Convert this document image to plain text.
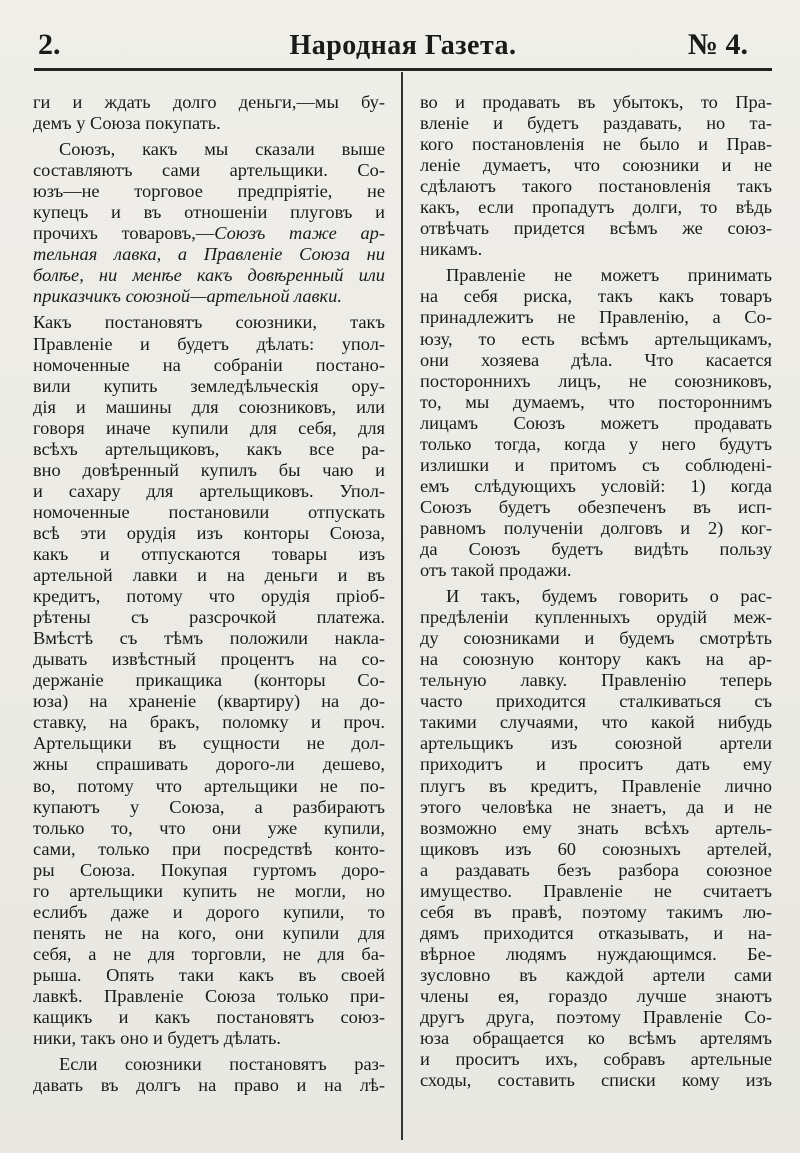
2.	Народная Газета.	№ 4.
ги и ждать долго деньги,—мы бу-
демъ у Союза покупать.
Союзъ, какъ мы сказали выше
составляютъ сами артельщики. Со-
юзъ—не торговое предпріятіе, не
купецъ и въ отношеніи плуговъ и
прочихъ товаровъ,—Союзъ таже ар-
тельная лавка, а Правленіе Союза ни
болѣе, ни менѣе какъ довѣренный или
приказчикъ союзной—артельной лавки.
Какъ постановятъ союзники, такъ
Правленіе и будетъ дѣлать: упол-
номоченные на собраніи постано-
вили купить земледѣльческія ору-
дія и машины для союзниковъ, или
говоря иначе купили для себя, для
всѣхъ артельщиковъ, какъ все ра-
вно довѣренный купилъ бы чаю и
и сахару для артельщиковъ. Упол-
номоченные постановили отпускать
всѣ эти орудія изъ конторы Союза,
какъ и отпускаются товары изъ
артельной лавки и на деньги и въ
кредитъ, потому что орудія пріоб-
рѣтены съ разсрочкой платежа.
Вмѣстѣ съ тѣмъ положили накла-
дывать извѣстный процентъ на со-
держаніе прикащика (конторы Со-
юза) на храненіе (квартиру) на до-
ставку, на бракъ, поломку и проч.
Артельщики въ сущности не дол-
жны спрашивать дорого-ли дешево,
во, потому что артельщики не по-
купаютъ у Союза, а разбираютъ
только то, что они уже купили,
сами, только при посредствѣ конто-
ры Союза. Покупая гуртомъ доро-
го артельщики купить не могли, но
еслибъ даже и дорого купили, то
пенять не на кого, они купили для
себя, а не для торговли, не для ба-
рыша. Опять таки какъ въ своей
лавкѣ. Правленіе Союза только при-
кащикъ и какъ постановятъ союз-
ники, такъ оно и будетъ дѣлать.
Если союзники постановятъ раз-
давать въ долгъ на право и на лѣ-
во и продавать въ убытокъ, то Пра-
вленіе и будетъ раздавать, но та-
кого постановленія не было и Прав-
леніе думаетъ, что союзники и не
сдѣлаютъ такого постановленія такъ
какъ, если пропадутъ долги, то вѣдь
отвѣчать придется всѣмъ же союз-
никамъ.
Правленіе не можетъ принимать
на себя риска, такъ какъ товаръ
принадлежитъ не Правленію, а Со-
юзу, то есть всѣмъ артельщикамъ,
они хозяева дѣла. Что касается
постороннихъ лицъ, не союзниковъ,
то, мы думаемъ, что постороннимъ
лицамъ Союзъ можетъ продавать
только тогда, когда у него будутъ
излишки и притомъ съ соблюдені-
емъ слѣдующихъ условій: 1) когда
Союзъ будетъ обезпеченъ въ исп-
равномъ полученіи долговъ и 2) ког-
да Союзъ будетъ видѣть пользу
отъ такой продажи.
И такъ, будемъ говорить о рас-
предѣленіи купленныхъ орудій меж-
ду союзниками и будемъ смотрѣть
на союзную контору какъ на ар-
тельную лавку. Правленію теперь
часто приходится сталкиваться съ
такими случаями, что какой нибудь
артельщикъ изъ союзной артели
приходитъ и проситъ дать ему
плугъ въ кредитъ, Правленіе лично
этого человѣка не знаетъ, да и не
возможно ему знать всѣхъ артель-
щиковъ изъ 60 союзныхъ артелей,
а раздавать безъ разбора союзное
имущество. Правленіе не считаетъ
себя въ правѣ, поэтому такимъ лю-
дямъ приходится отказывать, и на-
вѣрное людямъ нуждающимся. Бе-
зусловно въ каждой артели сами
члены ея, гораздо лучше знаютъ
другъ друга, поэтому Правленіе Со-
юза обращается ко всѣмъ артелямъ
и проситъ ихъ, собравъ артельные
сходы, составить списки кому изъ
